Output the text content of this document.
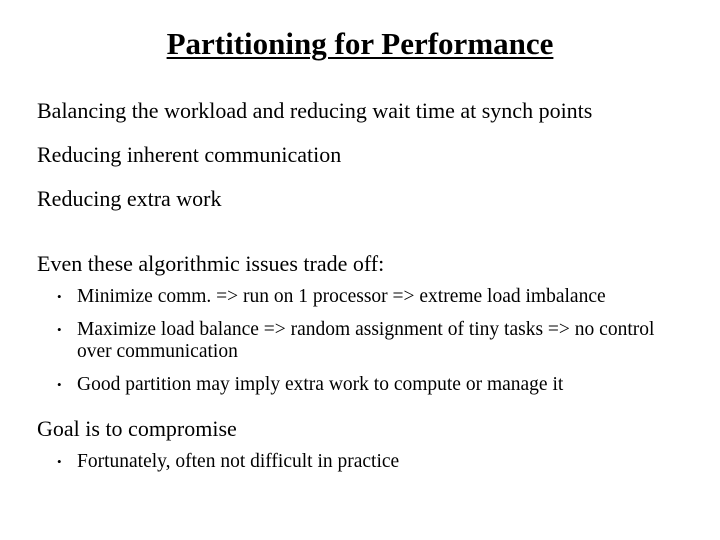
Partitioning for Performance
Balancing the workload and reducing wait time at synch points
Reducing inherent communication
Reducing extra work
Even these algorithmic issues trade off:
• Minimize comm. => run on 1 processor => extreme load imbalance
• Maximize load balance => random assignment of tiny tasks => no control over communication
• Good partition may imply extra work to compute or manage it
Goal is to compromise
• Fortunately, often not difficult in practice
